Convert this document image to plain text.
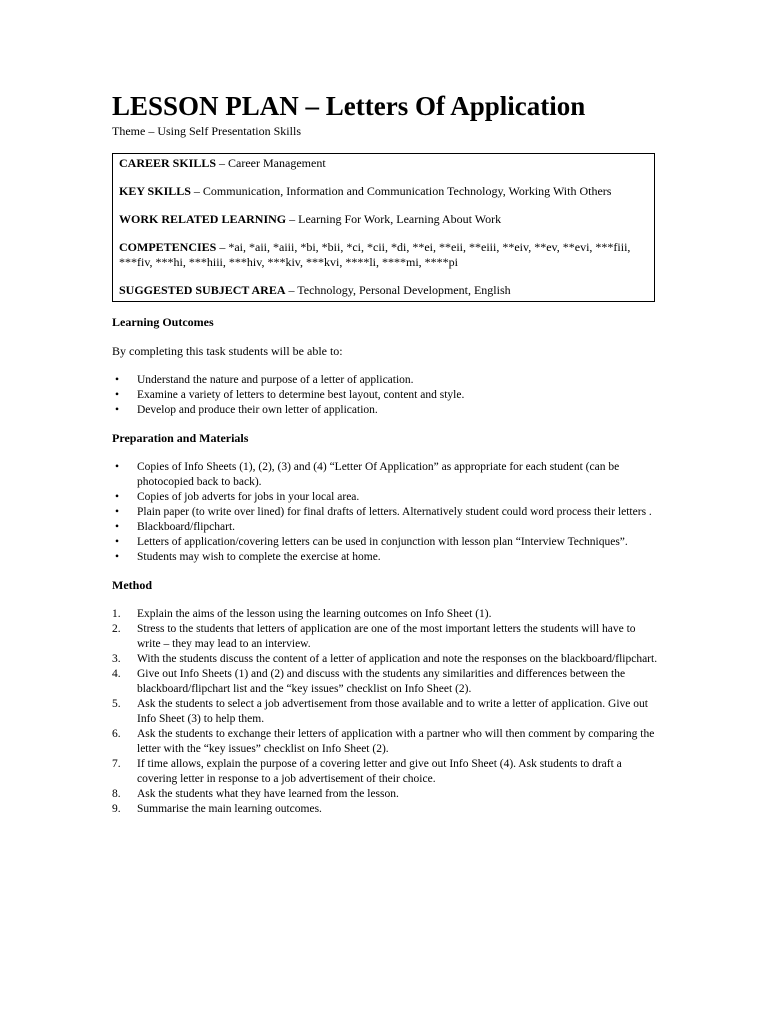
LESSON PLAN – Letters Of Application

Theme – Using Self Presentation Skills

CAREER SKILLS – Career Management

KEY SKILLS – Communication, Information and Communication Technology, Working With Others

WORK RELATED LEARNING – Learning For Work, Learning About Work

COMPETENCIES – *ai, *aii, *aiii, *bi, *bii, *ci, *cii, *di, **ei, **eii, **eiii, **eiv, **ev, **evi, ***fiii, ***fiv, ***hi, ***hiii, ***hiv, ***kiv, ***kvi, ****li, ****mi, ****pi

SUGGESTED SUBJECT AREA – Technology, Personal Development, English

Learning Outcomes

By completing this task students will be able to:

• Understand the nature and purpose of a letter of application.
• Examine a variety of letters to determine best layout, content and style.
• Develop and produce their own letter of application.
Preparation and Materials
• Copies of Info Sheets (1), (2), (3) and (4) “Letter Of Application” as appropriate for each student (can be photocopied back to back).
• Copies of job adverts for jobs in your local area.
• Plain paper (to write over lined) for final drafts of letters. Alternatively student could word process their letters .
• Blackboard/flipchart.
• Letters of application/covering letters can be used in conjunction with lesson plan “Interview Techniques”.
• Students may wish to complete the exercise at home.
Method
1. Explain the aims of the lesson using the learning outcomes on Info Sheet (1).
2. Stress to the students that letters of application are one of the most important letters the students will have to write – they may lead to an interview.
3. With the students discuss the content of a letter of application and note the responses on the blackboard/flipchart.
4. Give out Info Sheets (1) and (2) and discuss with the students any similarities and differences between the blackboard/flipchart list and the “key issues” checklist on Info Sheet (2).
5. Ask the students to select a job advertisement from those available and to write a letter of application. Give out Info Sheet (3) to help them.
6. Ask the students to exchange their letters of application with a partner who will then comment by comparing the letter with the “key issues” checklist on Info Sheet (2).
7. If time allows, explain the purpose of a covering letter and give out Info Sheet (4). Ask students to draft a covering letter in response to a job advertisement of their choice.
8. Ask the students what they have learned from the lesson.
9. Summarise the main learning outcomes.
